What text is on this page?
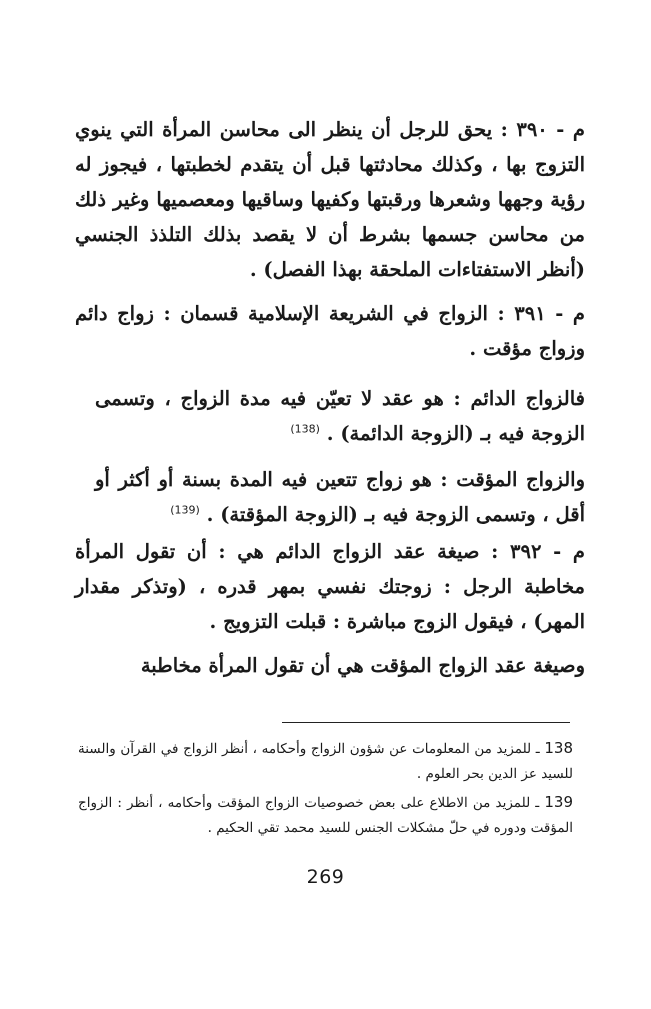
م - ٣٩٠ : يحق للرجل أن ينظر الى محاسن المرأة التي ينوي التزوج بها ، وكذلك محادثتها قبل أن يتقدم لخطبتها ، فيجوز له رؤية وجهها وشعرها ورقبتها وكفيها وساقيها ومعصميها وغير ذلك من محاسن جسمها بشرط أن لا يقصد بذلك التلذذ الجنسي (أنظر الاستفتاءات الملحقة بهذا الفصل) .

م - ٣٩١ : الزواج في الشريعة الإسلامية قسمان : زواج دائم وزواج مؤقت .

فالزواج الدائم : هو عقد لا تعيّن فيه مدة الزواج ، وتسمى الزوجة فيه بـ (الزوجة الدائمة) . $^{(138)}$

والزواج المؤقت : هو زواج تتعين فيه المدة بسنة أو أكثر أو أقل ، وتسمى الزوجة فيه بـ (الزوجة المؤقتة) . $^{(139)}$

م - ٣٩٢ : صيغة عقد الزواج الدائم هي : أن تقول المرأة مخاطبة الرجل : زوجتك نفسي بمهر قدره ، (وتذكر مقدار المهر) ، فيقول الزوج مباشرة : قبلت التزويج .

وصيغة عقد الزواج المؤقت هي أن تقول المرأة مخاطبة

138 ـ للمزيد من المعلومات عن شؤون الزواج وأحكامه ، أنظر الزواج في القرآن والسنة للسيد عز الدين بحر العلوم .

139 ـ للمزيد من الاطلاع على بعض خصوصيات الزواج المؤقت وأحكامه ، أنظر : الزواج المؤقت ودوره في حلّ مشكلات الجنس للسيد محمد تقي الحكيم .

269
